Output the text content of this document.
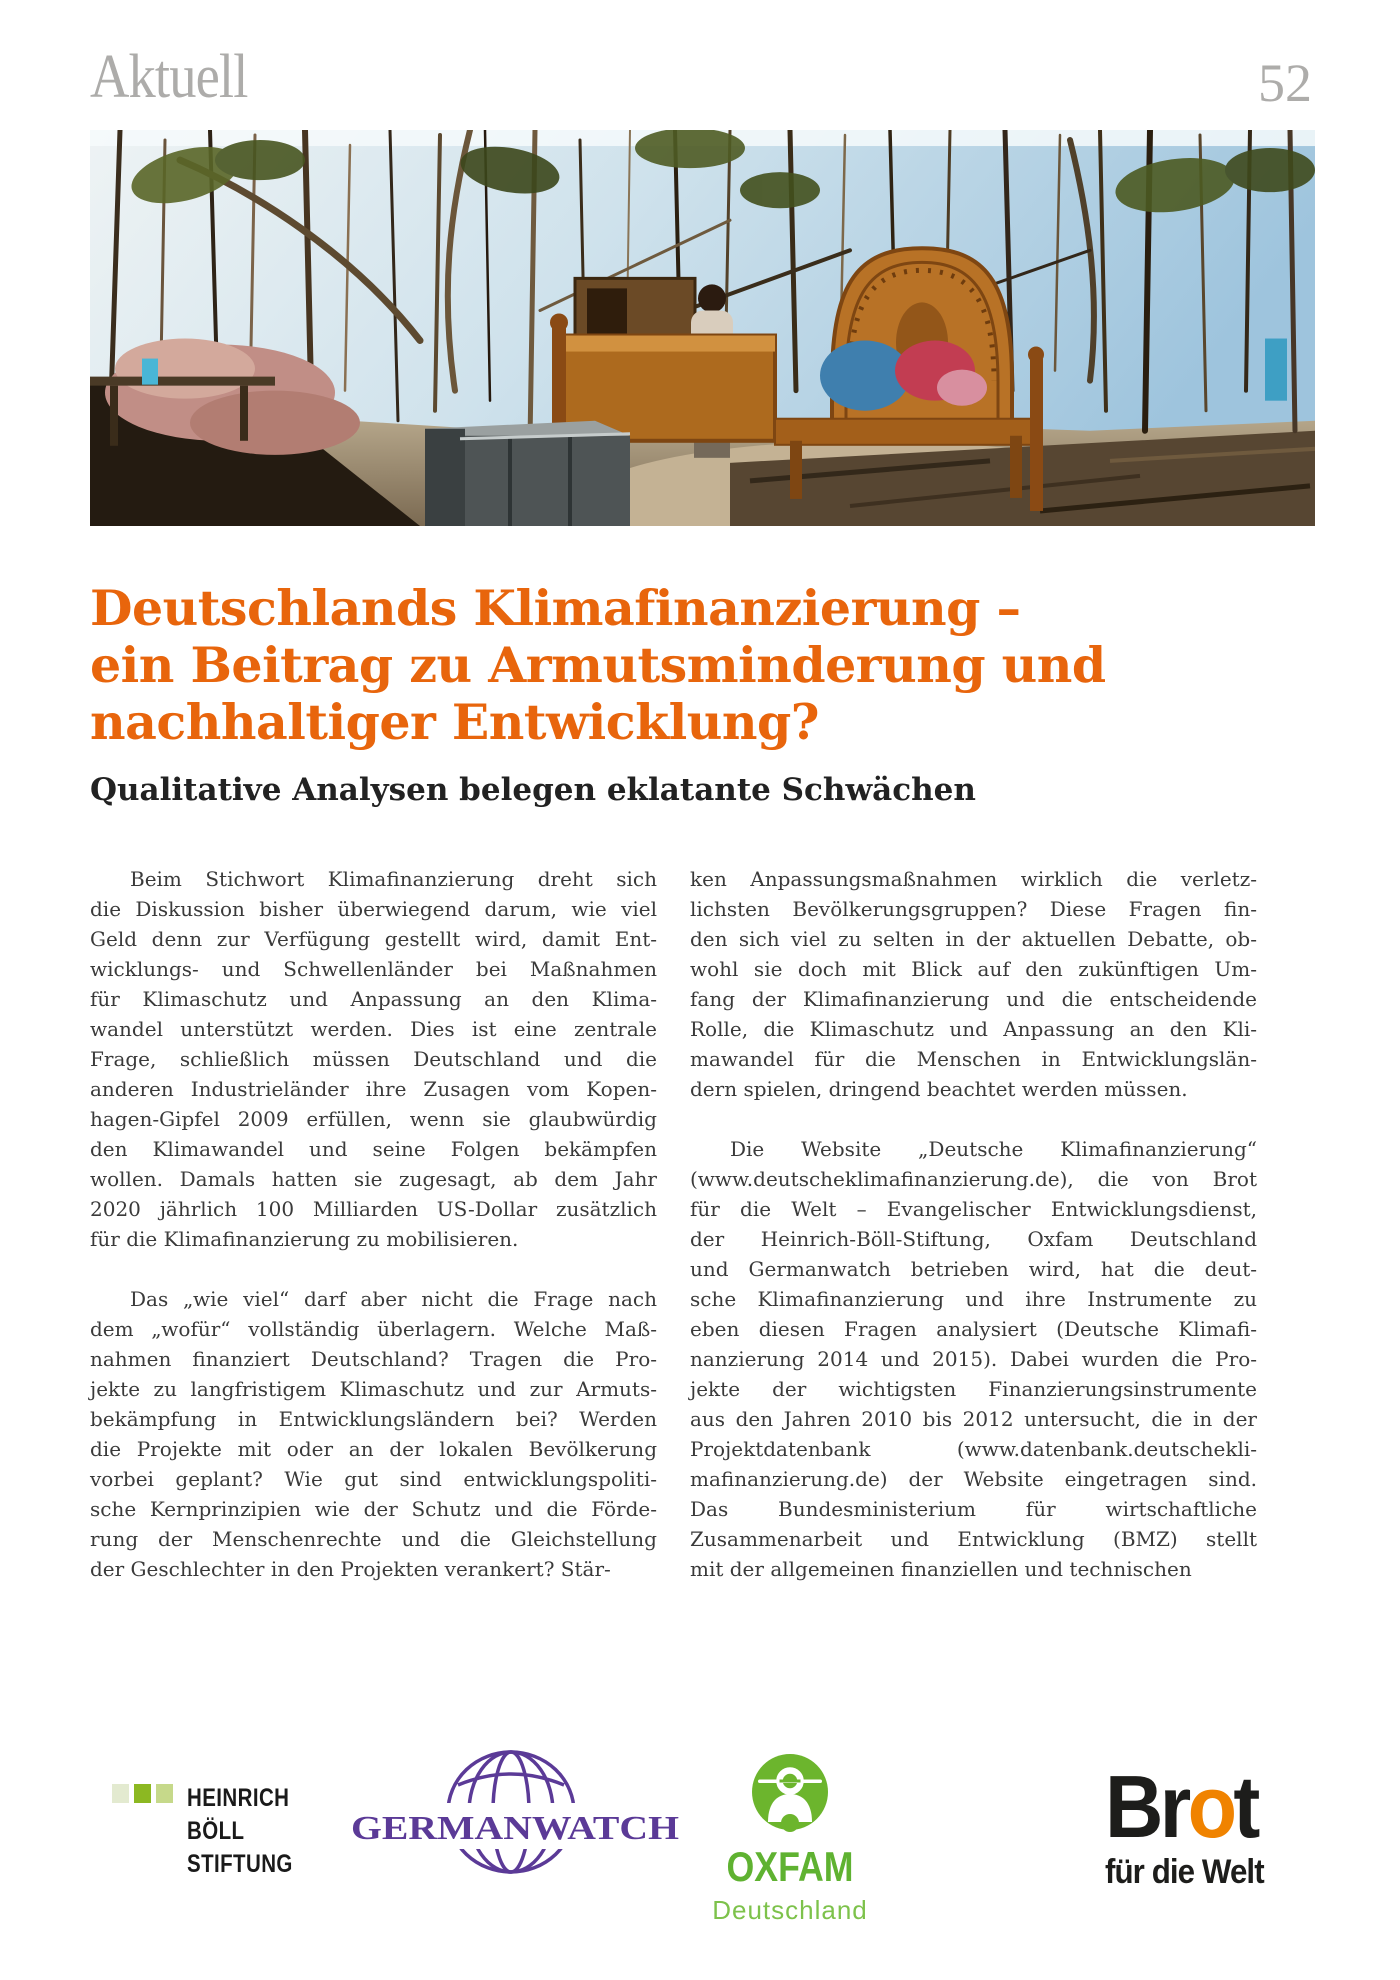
Aktuell	52
Deutschlands Klimafinanzierung –
ein Beitrag zu Armutsminderung und
nachhaltiger Entwicklung?
Qualitative Analysen belegen eklatante Schwächen
Beim Stichwort Klimafinanzierung dreht sich
die Diskussion bisher überwiegend darum, wie viel
Geld denn zur Verfügung gestellt wird, damit Ent-
wicklungs- und Schwellenländer bei Maßnahmen
für Klimaschutz und Anpassung an den Klima-
wandel unterstützt werden. Dies ist eine zentrale
Frage, schließlich müssen Deutschland und die
anderen Industrieländer ihre Zusagen vom Kopen-
hagen-Gipfel 2009 erfüllen, wenn sie glaubwürdig
den Klimawandel und seine Folgen bekämpfen
wollen. Damals hatten sie zugesagt, ab dem Jahr
2020 jährlich 100 Milliarden US-Dollar zusätzlich
für die Klimafinanzierung zu mobilisieren.
Das „wie viel“ darf aber nicht die Frage nach
dem „wofür“ vollständig überlagern. Welche Maß-
nahmen finanziert Deutschland? Tragen die Pro-
jekte zu langfristigem Klimaschutz und zur Armuts-
bekämpfung in Entwicklungsländern bei? Werden
die Projekte mit oder an der lokalen Bevölkerung
vorbei geplant? Wie gut sind entwicklungspoliti-
sche Kernprinzipien wie der Schutz und die Förde-
rung der Menschenrechte und die Gleichstellung
der Geschlechter in den Projekten verankert? Stär-
ken Anpassungsmaßnahmen wirklich die verletz-
lichsten Bevölkerungsgruppen? Diese Fragen fin-
den sich viel zu selten in der aktuellen Debatte, ob-
wohl sie doch mit Blick auf den zukünftigen Um-
fang der Klimafinanzierung und die entscheidende
Rolle, die Klimaschutz und Anpassung an den Kli-
mawandel für die Menschen in Entwicklungslän-
dern spielen, dringend beachtet werden müssen.
Die Website „Deutsche Klimafinanzierung“
(www.deutscheklimafinanzierung.de), die von Brot
für die Welt – Evangelischer Entwicklungsdienst,
der Heinrich-Böll-Stiftung, Oxfam Deutschland
und Germanwatch betrieben wird, hat die deut-
sche Klimafinanzierung und ihre Instrumente zu
eben diesen Fragen analysiert (Deutsche Klimafi-
nanzierung 2014 und 2015). Dabei wurden die Pro-
jekte der wichtigsten Finanzierungsinstrumente
aus den Jahren 2010 bis 2012 untersucht, die in der
Projektdatenbank (www.datenbank.deutschekli-
mafinanzierung.de) der Website eingetragen sind.
Das Bundesministerium für wirtschaftliche
Zusammenarbeit und Entwicklung (BMZ) stellt
mit der allgemeinen finanziellen und technischen
HEINRICH
BÖLL
STIFTUNG
GERMANWATCH
OXFAM
Deutschland
Brot
für die Welt
